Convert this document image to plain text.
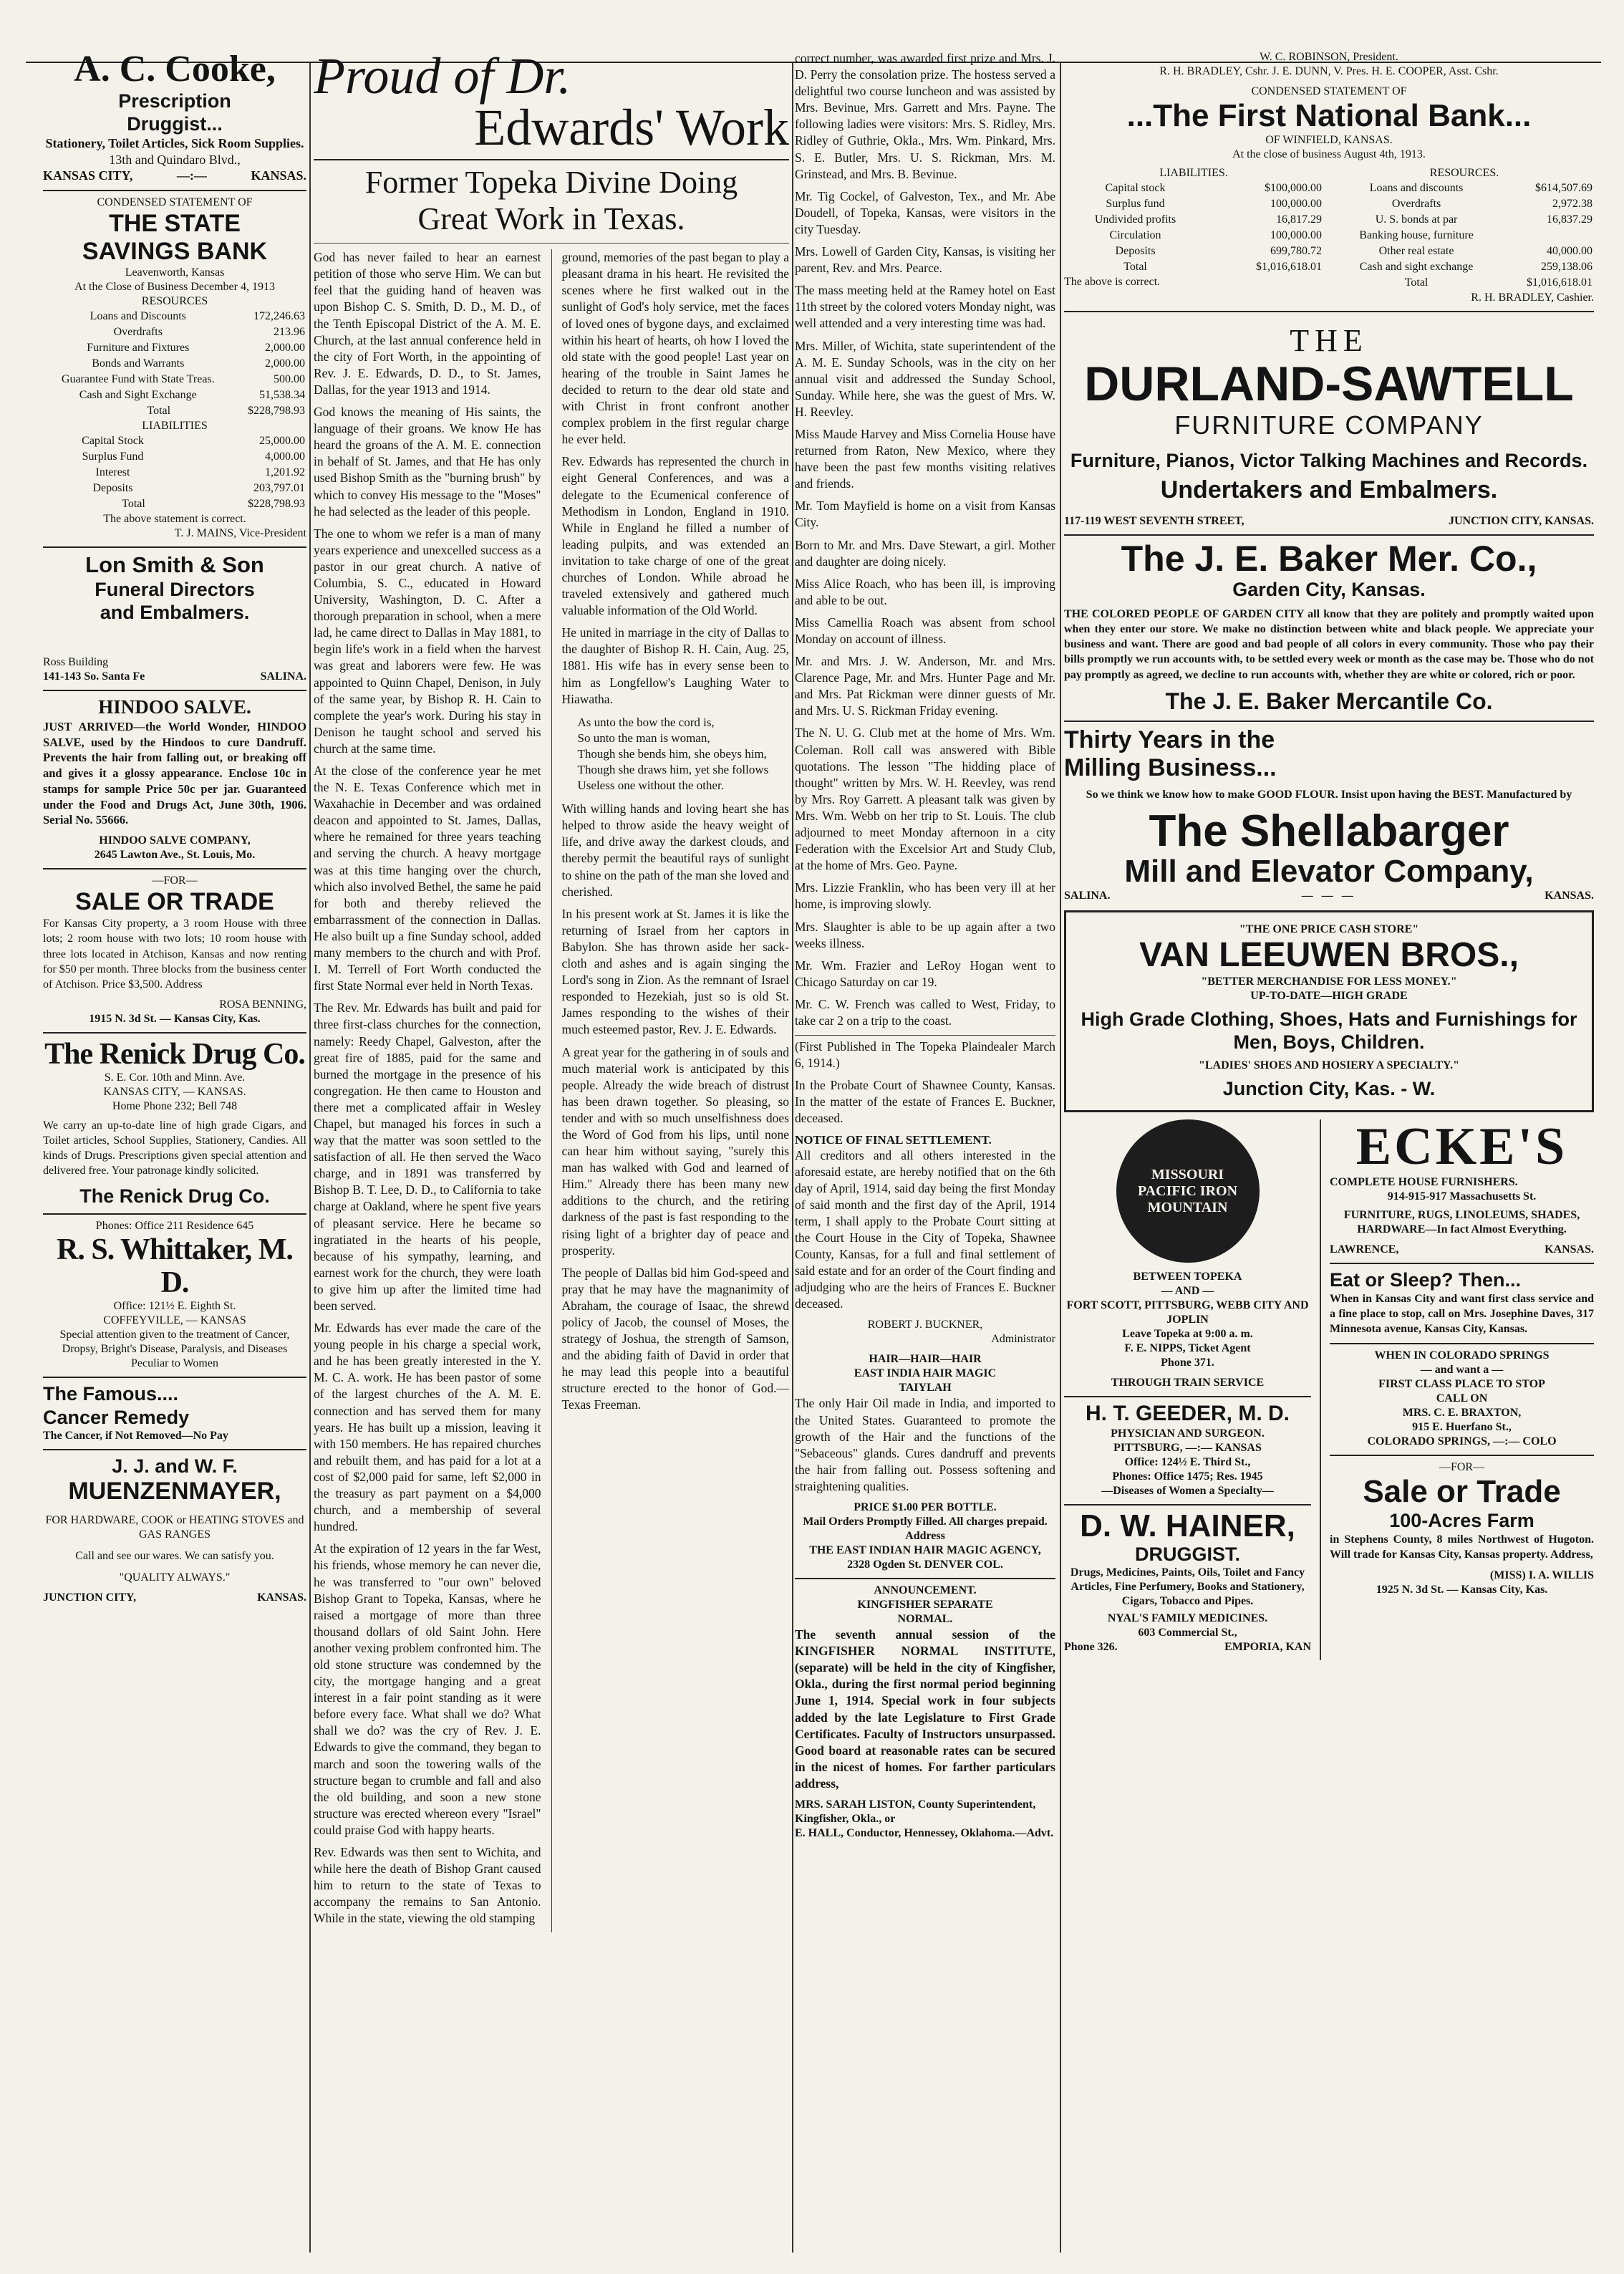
A. C. Cooke,
Prescription
Druggist...
Stationery, Toilet Articles, Sick Room Supplies.
13th and Quindaro Blvd.,
KANSAS CITY,	—:—	KANSAS.
CONDENSED STATEMENT OF
THE STATE
SAVINGS BANK
Leavenworth, Kansas
At the Close of Business December 4, 1913
RESOURCES
Loans and Discounts	172,246.63
Overdrafts	213.96
Furniture and Fixtures	2,000.00
Bonds and Warrants	2,000.00
Guarantee Fund with State Treas.	500.00
Cash and Sight Exchange	51,538.34
Total	$228,798.93
LIABILITIES
Capital Stock	25,000.00
Surplus Fund	4,000.00
Interest	1,201.92
Deposits	203,797.01
Total	$228,798.93
The above statement is correct.
T. J. MAINS, Vice-President
Lon Smith & Son
Funeral Directors
and Embalmers.
Ross Building
141-143 So. Santa Fe	SALINA.
HINDOO SALVE.

JUST ARRIVED—the World Wonder, HINDOO SALVE, used by the Hindoos to cure Dandruff. Prevents the hair from falling out, or breaking off and gives it a glossy appearance. Enclose 10c in stamps for sample Price 50c per jar. Guaranteed under the Food and Drugs Act, June 30th, 1906. Serial No. 55666.

HINDOO SALVE COMPANY,
2645 Lawton Ave., St. Louis, Mo.
—FOR—
SALE OR TRADE

For Kansas City property, a 3 room House with three lots; 2 room house with two lots; 10 room house with three lots located in Atchison, Kansas and now renting for $50 per month. Three blocks from the business center of Atchison. Price $3,500. Address

ROSA BENNING,
1915 N. 3d St. — Kansas City, Kas.
The Renick Drug Co.
S. E. Cor. 10th and Minn. Ave.
KANSAS CITY, — KANSAS.
Home Phone 232; Bell 748

We carry an up-to-date line of high grade Cigars, and Toilet articles, School Supplies, Stationery, Candies. All kinds of Drugs. Prescriptions given special attention and delivered free. Your patronage kindly solicited.

The Renick Drug Co.
Phones: Office 211 Residence 645
R. S. Whittaker, M. D.
Office: 121½ E. Eighth St.
COFFEYVILLE, — KANSAS
Special attention given to the treatment of Cancer, Dropsy, Bright's Disease, Paralysis, and Diseases Peculiar to Women
The Famous....
Cancer Remedy
The Cancer, if Not Removed—No Pay
J. J. and W. F.
MUENZENMAYER,
FOR HARDWARE, COOK or HEATING STOVES and GAS RANGES
Call and see our wares. We can satisfy you.
"QUALITY ALWAYS."
JUNCTION CITY,	KANSAS.
Proud of Dr.
Edwards' Work
Former Topeka Divine Doing
Great Work in Texas.

God has never failed to hear an earnest petition of those who serve Him. We can but feel that the guiding hand of heaven was upon Bishop C. S. Smith, D. D., M. D., of the Tenth Episcopal District of the A. M. E. Church, at the last annual conference held in the city of Fort Worth, in the appointing of Rev. J. E. Edwards, D. D., to St. James, Dallas, for the year 1913 and 1914.

God knows the meaning of His saints, the language of their groans. We know He has heard the groans of the A. M. E. connection in behalf of St. James, and that He has only used Bishop Smith as the "burning brush" by which to convey His message to the "Moses" he had selected as the leader of this people.

The one to whom we refer is a man of many years experience and unexcelled success as a pastor in our great church. A native of Columbia, S. C., educated in Howard University, Washington, D. C. After a thorough preparation in school, when a mere lad, he came direct to Dallas in May 1881, to begin life's work in a field when the harvest was great and laborers were few. He was appointed to Quinn Chapel, Denison, in July of the same year, by Bishop R. H. Cain to complete the year's work. During his stay in Denison he taught school and served his church at the same time.

At the close of the conference year he met the N. E. Texas Conference which met in Waxahachie in December and was ordained deacon and appointed to St. James, Dallas, where he remained for three years teaching and serving the church. A heavy mortgage was at this time hanging over the church, which also involved Bethel, the same he paid for both and thereby relieved the embarrassment of the connection in Dallas. He also built up a fine Sunday school, added many members to the church and with Prof. I. M. Terrell of Fort Worth conducted the first State Normal ever held in North Texas.

The Rev. Mr. Edwards has built and paid for three first-class churches for the connection, namely: Reedy Chapel, Galveston, after the great fire of 1885, paid for the same and burned the mortgage in the presence of his congregation. He then came to Houston and there met a complicated affair in Wesley Chapel, but managed his forces in such a way that the matter was soon settled to the satisfaction of all. He then served the Waco charge, and in 1891 was transferred by Bishop B. T. Lee, D. D., to California to take charge at Oakland, where he spent five years of pleasant service. Here he became so ingratiated in the hearts of his people, because of his sympathy, learning, and earnest work for the church, they were loath to give him up after the limited time had been served.

Mr. Edwards has ever made the care of the young people in his charge a special work, and he has been greatly interested in the Y. M. C. A. work. He has been pastor of some of the largest churches of the A. M. E. connection and has served them for many years. He has built up a mission, leaving it with 150 members. He has repaired churches and rebuilt them, and has paid for a lot at a cost of $2,000 paid for same, left $2,000 in the treasury as part payment on a $4,000 church, and a membership of several hundred.

At the expiration of 12 years in the far West, his friends, whose memory he can never die, he was transferred to "our own" beloved Bishop Grant to Topeka, Kansas, where he raised a mortgage of more than three thousand dollars of old Saint John. Here another vexing problem confronted him. The old stone structure was condemned by the city, the mortgage hanging and a great interest in a fair point standing as it were before every face. What shall we do? What shall we do? was the cry of Rev. J. E. Edwards to give the command, they began to march and soon the towering walls of the structure began to crumble and fall and also the old building, and soon a new stone structure was erected whereon every "Israel" could praise God with happy hearts.

Rev. Edwards was then sent to Wichita, and while here the death of Bishop Grant caused him to return to the state of Texas to accompany the remains to San Antonio. While in the state, viewing the old stamping

ground, memories of the past began to play a pleasant drama in his heart. He revisited the scenes where he first walked out in the sunlight of God's holy service, met the faces of loved ones of bygone days, and exclaimed within his heart of hearts, oh how I loved the old state with the good people! Last year on hearing of the trouble in Saint James he decided to return to the dear old state and with Christ in front confront another complex problem in the first regular charge he ever held.

Rev. Edwards has represented the church in eight General Conferences, and was a delegate to the Ecumenical conference of Methodism in London, England in 1910. While in England he filled a number of leading pulpits, and was extended an invitation to take charge of one of the great churches of London. While abroad he traveled extensively and gathered much valuable information of the Old World.

He united in marriage in the city of Dallas to the daughter of Bishop R. H. Cain, Aug. 25, 1881. His wife has in every sense been to him as Longfellow's Laughing Water to Hiawatha.

As unto the bow the cord is,
So unto the man is woman,
Though she bends him, she obeys him,
Though she draws him, yet she follows
Useless one without the other.

With willing hands and loving heart she has helped to throw aside the heavy weight of life, and drive away the darkest clouds, and thereby permit the beautiful rays of sunlight to shine on the path of the man she loved and cherished.

In his present work at St. James it is like the returning of Israel from her captors in Babylon. She has thrown aside her sack-cloth and ashes and is again singing the Lord's song in Zion. As the remnant of Israel responded to Hezekiah, just so is old St. James responding to the wishes of their much esteemed pastor, Rev. J. E. Edwards.

A great year for the gathering in of souls and much material work is anticipated by this people. Already the wide breach of distrust has been drawn together. So pleasing, so tender and with so much unselfishness does the Word of God from his lips, until none can hear him without saying, "surely this man has walked with God and learned of Him." Already there has been many new additions to the church, and the retiring darkness of the past is fast responding to the rising light of a brighter day of peace and prosperity.

The people of Dallas bid him God-speed and pray that he may have the magnanimity of Abraham, the courage of Isaac, the shrewd policy of Jacob, the counsel of Moses, the strategy of Joshua, the strength of Samson, and the abiding faith of David in order that he may lead this people into a beautiful structure erected to the honor of God.—Texas Freeman.

correct number, was awarded first prize and Mrs. J. D. Perry the consolation prize. The hostess served a delightful two course luncheon and was assisted by Mrs. Bevinue, Mrs. Garrett and Mrs. Payne. The following ladies were visitors: Mrs. S. Ridley, Mrs. Ridley of Guthrie, Okla., Mrs. Wm. Pinkard, Mrs. S. E. Butler, Mrs. U. S. Rickman, Mrs. M. Grinstead, and Mrs. B. Bevinue.

Mr. Tig Cockel, of Galveston, Tex., and Mr. Abe Doudell, of Topeka, Kansas, were visitors in the city Tuesday.

Mrs. Lowell of Garden City, Kansas, is visiting her parent, Rev. and Mrs. Pearce.

The mass meeting held at the Ramey hotel on East 11th street by the colored voters Monday night, was well attended and a very interesting time was had.

Mrs. Miller, of Wichita, state superintendent of the A. M. E. Sunday Schools, was in the city on her annual visit and addressed the Sunday School, Sunday. While here, she was the guest of Mrs. W. H. Reevley.

Miss Maude Harvey and Miss Cornelia House have returned from Raton, New Mexico, where they have been the past few months visiting relatives and friends.

Mr. Tom Mayfield is home on a visit from Kansas City.

Born to Mr. and Mrs. Dave Stewart, a girl. Mother and daughter are doing nicely.

Miss Alice Roach, who has been ill, is improving and able to be out.

Miss Camellia Roach was absent from school Monday on account of illness.

Mr. and Mrs. J. W. Anderson, Mr. and Mrs. Clarence Page, Mr. and Mrs. Hunter Page and Mr. and Mrs. Pat Rickman were dinner guests of Mr. and Mrs. U. S. Rickman Friday evening.

The N. U. G. Club met at the home of Mrs. Wm. Coleman. Roll call was answered with Bible quotations. The lesson "The hidding place of thought" written by Mrs. W. H. Reevley, was rend by Mrs. Roy Garrett. A pleasant talk was given by Mrs. Wm. Webb on her trip to St. Louis. The club adjourned to meet Monday afternoon in a city Federation with the Excelsior Art and Study Club, at the home of Mrs. Geo. Payne.

Mrs. Lizzie Franklin, who has been very ill at her home, is improving slowly.

Mrs. Slaughter is able to be up again after a two weeks illness.

Mr. Wm. Frazier and LeRoy Hogan went to Chicago Saturday on car 19.

Mr. C. W. French was called to West, Friday, to take car 2 on a trip to the coast.

(First Published in The Topeka Plaindealer March 6, 1914.)

In the Probate Court of Shawnee County, Kansas. In the matter of the estate of Frances E. Buckner, deceased.

NOTICE OF FINAL SETTLEMENT.

All creditors and all others interested in the aforesaid estate, are hereby notified that on the 6th day of April, 1914, said day being the first Monday of said month and the first day of the April, 1914 term, I shall apply to the Probate Court sitting at the Court House in the City of Topeka, Shawnee County, Kansas, for a full and final settlement of said estate and for an order of the Court finding and adjudging who are the heirs of Frances E. Buckner deceased.

ROBERT J. BUCKNER,
Administrator
HAIR—HAIR—HAIR
EAST INDIA HAIR MAGIC
TAIYLAH

The only Hair Oil made in India, and imported to the United States. Guaranteed to promote the growth of the Hair and the functions of the "Sebaceous" glands. Cures dandruff and prevents the hair from falling out. Possess softening and straightening qualities.

PRICE $1.00 PER BOTTLE.
Mail Orders Promptly Filled. All charges prepaid. Address
THE EAST INDIAN HAIR MAGIC AGENCY,
2328 Ogden St. DENVER COL.
ANNOUNCEMENT.
KINGFISHER SEPARATE
NORMAL.

The seventh annual session of the KINGFISHER NORMAL INSTITUTE, (separate) will be held in the city of Kingfisher, Okla., during the first normal period beginning June 1, 1914. Special work in four subjects added by the late Legislature to First Grade Certificates. Faculty of Instructors unsurpassed. Good board at reasonable rates can be secured in the nicest of homes. For farther particulars address,

MRS. SARAH LISTON, County Superintendent, Kingfisher, Okla., or
E. HALL, Conductor, Hennessey, Oklahoma.—Advt.
W. C. ROBINSON, President.
R. H. BRADLEY, Cshr. J. E. DUNN, V. Pres. H. E. COOPER, Asst. Cshr.
CONDENSED STATEMENT OF
...The First National Bank...
OF WINFIELD, KANSAS.
At the close of business August 4th, 1913.
LIABILITIES.
Capital stock	$100,000.00
Surplus fund	100,000.00
Undivided profits	16,817.29
Circulation	100,000.00
Deposits	699,780.72
Total	$1,016,618.01
The above is correct.
RESOURCES.
Loans and discounts	$614,507.69
Overdrafts	2,972.38
U. S. bonds at par	16,837.29
Banking house, furniture	
Other real estate	40,000.00
Cash and sight exchange	259,138.06
Total	$1,016,618.01
R. H. BRADLEY, Cashier.
THE
DURLAND-SAWTELL
FURNITURE COMPANY
Furniture, Pianos, Victor Talking Machines and Records.
Undertakers and Embalmers.
117-119 WEST SEVENTH STREET,	JUNCTION CITY, KANSAS.
The J. E. Baker Mer. Co.,
Garden City, Kansas.

THE COLORED PEOPLE OF GARDEN CITY all know that they are politely and promptly waited upon when they enter our store. We make no distinction between white and black people. We appreciate your business and want. There are good and bad people of all colors in every community. Those who pay their bills promptly we run accounts with, to be settled every week or month as the case may be. Those who do not pay promptly as agreed, we decline to run accounts with, whether they are white or colored, rich or poor.

The J. E. Baker Mercantile Co.
Thirty Years in the
Milling Business...
So we think we know how to make GOOD FLOUR. Insist upon having the BEST. Manufactured by
The Shellabarger
Mill and Elevator Company,
SALINA.	—   —   —	KANSAS.
"THE ONE PRICE CASH STORE"
VAN LEEUWEN BROS.,
"BETTER MERCHANDISE FOR LESS MONEY."
UP-TO-DATE—HIGH GRADE
High Grade Clothing, Shoes, Hats and Furnishings for Men, Boys, Children.
"LADIES' SHOES AND HOSIERY A SPECIALTY."
Junction City, Kas. - W.
MISSOURI PACIFIC IRON MOUNTAIN
BETWEEN TOPEKA
— AND —
FORT SCOTT, PITTSBURG, WEBB CITY AND JOPLIN
Leave Topeka at 9:00 a. m.
F. E. NIPPS, Ticket Agent
Phone 371.
THROUGH TRAIN SERVICE
H. T. GEEDER, M. D.
PHYSICIAN AND SURGEON.
PITTSBURG, —:— KANSAS
Office: 124½ E. Third St.,
Phones: Office 1475; Res. 1945
—Diseases of Women a Specialty—
D. W. HAINER,
DRUGGIST.
Drugs, Medicines, Paints, Oils, Toilet and Fancy Articles, Fine Perfumery, Books and Stationery, Cigars, Tobacco and Pipes.
NYAL'S FAMILY MEDICINES.
603 Commercial St.,
Phone 326.	EMPORIA, KAN
ECKE'S
COMPLETE HOUSE FURNISHERS.
914-915-917 Massachusetts St.
FURNITURE, RUGS, LINOLEUMS, SHADES, HARDWARE—In fact Almost Everything.
LAWRENCE,	KANSAS.
Eat or Sleep? Then...

When in Kansas City and want first class service and a fine place to stop, call on Mrs. Josephine Daves, 317 Minnesota avenue, Kansas City, Kansas.

WHEN IN COLORADO SPRINGS
— and want a —
FIRST CLASS PLACE TO STOP
CALL ON
MRS. C. E. BRAXTON,
915 E. Huerfano St.,
COLORADO SPRINGS, —:— COLO
—FOR—
Sale or Trade
100-Acres Farm

in Stephens County, 8 miles Northwest of Hugoton. Will trade for Kansas City, Kansas property. Address,

(MISS) I. A. WILLIS
1925 N. 3d St. — Kansas City, Kas.
